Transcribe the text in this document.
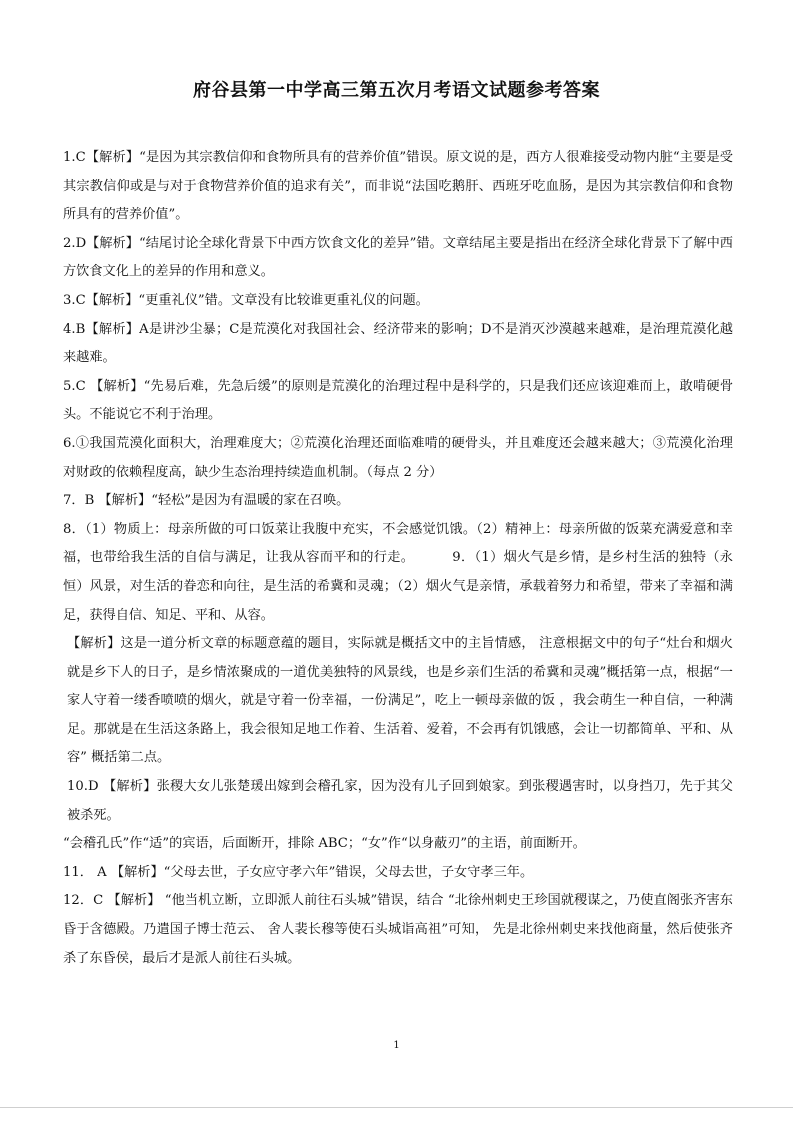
府谷县第一中学高三第五次月考语文试题参考答案

1.C【解析】“是因为其宗教信仰和食物所具有的营养价值”错误。原文说的是，西方人很难接受动物内脏“主要是受其宗教信仰或是与对于食物营养价值的追求有关”，而非说“法国吃鹅肝、西班牙吃血肠，是因为其宗教信仰和食物所具有的营养价值”。

2.D【解析】“结尾讨论全球化背景下中西方饮食文化的差异”错。文章结尾主要是指出在经济全球化背景下了解中西方饮食文化上的差异的作用和意义。

3.C【解析】“更重礼仪”错。文章没有比较谁更重礼仪的问题。

4.B【解析】A是讲沙尘暴；C是荒漠化对我国社会、经济带来的影响；D不是消灭沙漠越来越难，是治理荒漠化越来越难。

5.C 【解析】“先易后难，先急后缓”的原则是荒漠化的治理过程中是科学的，只是我们还应该迎难而上，敢啃硬骨头。不能说它不利于治理。

6.①我国荒漠化面积大，治理难度大；②荒漠化治理还面临难啃的硬骨头，并且难度还会越来越大；③荒漠化治理对财政的依赖程度高，缺少生态治理持续造血机制。（每点 2 分）

7．B 【解析】“轻松”是因为有温暖的家在召唤。

8．（1）物质上：母亲所做的可口饭菜让我腹中充实，不会感觉饥饿。（2）精神上：母亲所做的饭菜充满爱意和幸福，也带给我生活的自信与满足，让我从容而平和的行走。	9．（1）烟火气是乡情，是乡村生活的独特（永恒）风景，对生活的眷恋和向往，是生活的希冀和灵魂；（2）烟火气是亲情，承载着努力和希望，带来了幸福和满足，获得自信、知足、平和、从容。

【解析】这是一道分析文章的标题意蕴的题目，实际就是概括文中的主旨情感， 注意根据文中的句子“灶台和烟火就是乡下人的日子，是乡情浓聚成的一道优美独特的风景线，也是乡亲们生活的希冀和灵魂”概括第一点，根据“一家人守着一缕香喷喷的烟火，就是守着一份幸福，一份满足”，吃上一顿母亲做的饭 ，我会萌生一种自信，一种满足。那就是在生活这条路上，我会很知足地工作着、生活着、爱着，不会再有饥饿感，会让一切都简单、平和、从容” 概括第二点。

10.D 【解析】张稷大女儿张楚瑗出嫁到会稽孔家，因为没有儿子回到娘家。到张稷遇害时，以身挡刀，先于其父被杀死。

“会稽孔氏”作“适”的宾语，后面断开，排除 ABC；“女”作“以身蔽刃”的主语，前面断开。

11． A 【解析】“父母去世，子女应守孝六年”错误，父母去世，子女守孝三年。

12．C 【解析】 “他当机立断，立即派人前往石头城”错误，结合 “北徐州刺史王珍国就稷谋之，乃使直阁张齐害东昏于含德殿。乃遣国子博士范云、 舍人裴长穆等使石头城诣高祖”可知， 先是北徐州刺史来找他商量，然后使张齐杀了东昏侯，最后才是派人前往石头城。

1
